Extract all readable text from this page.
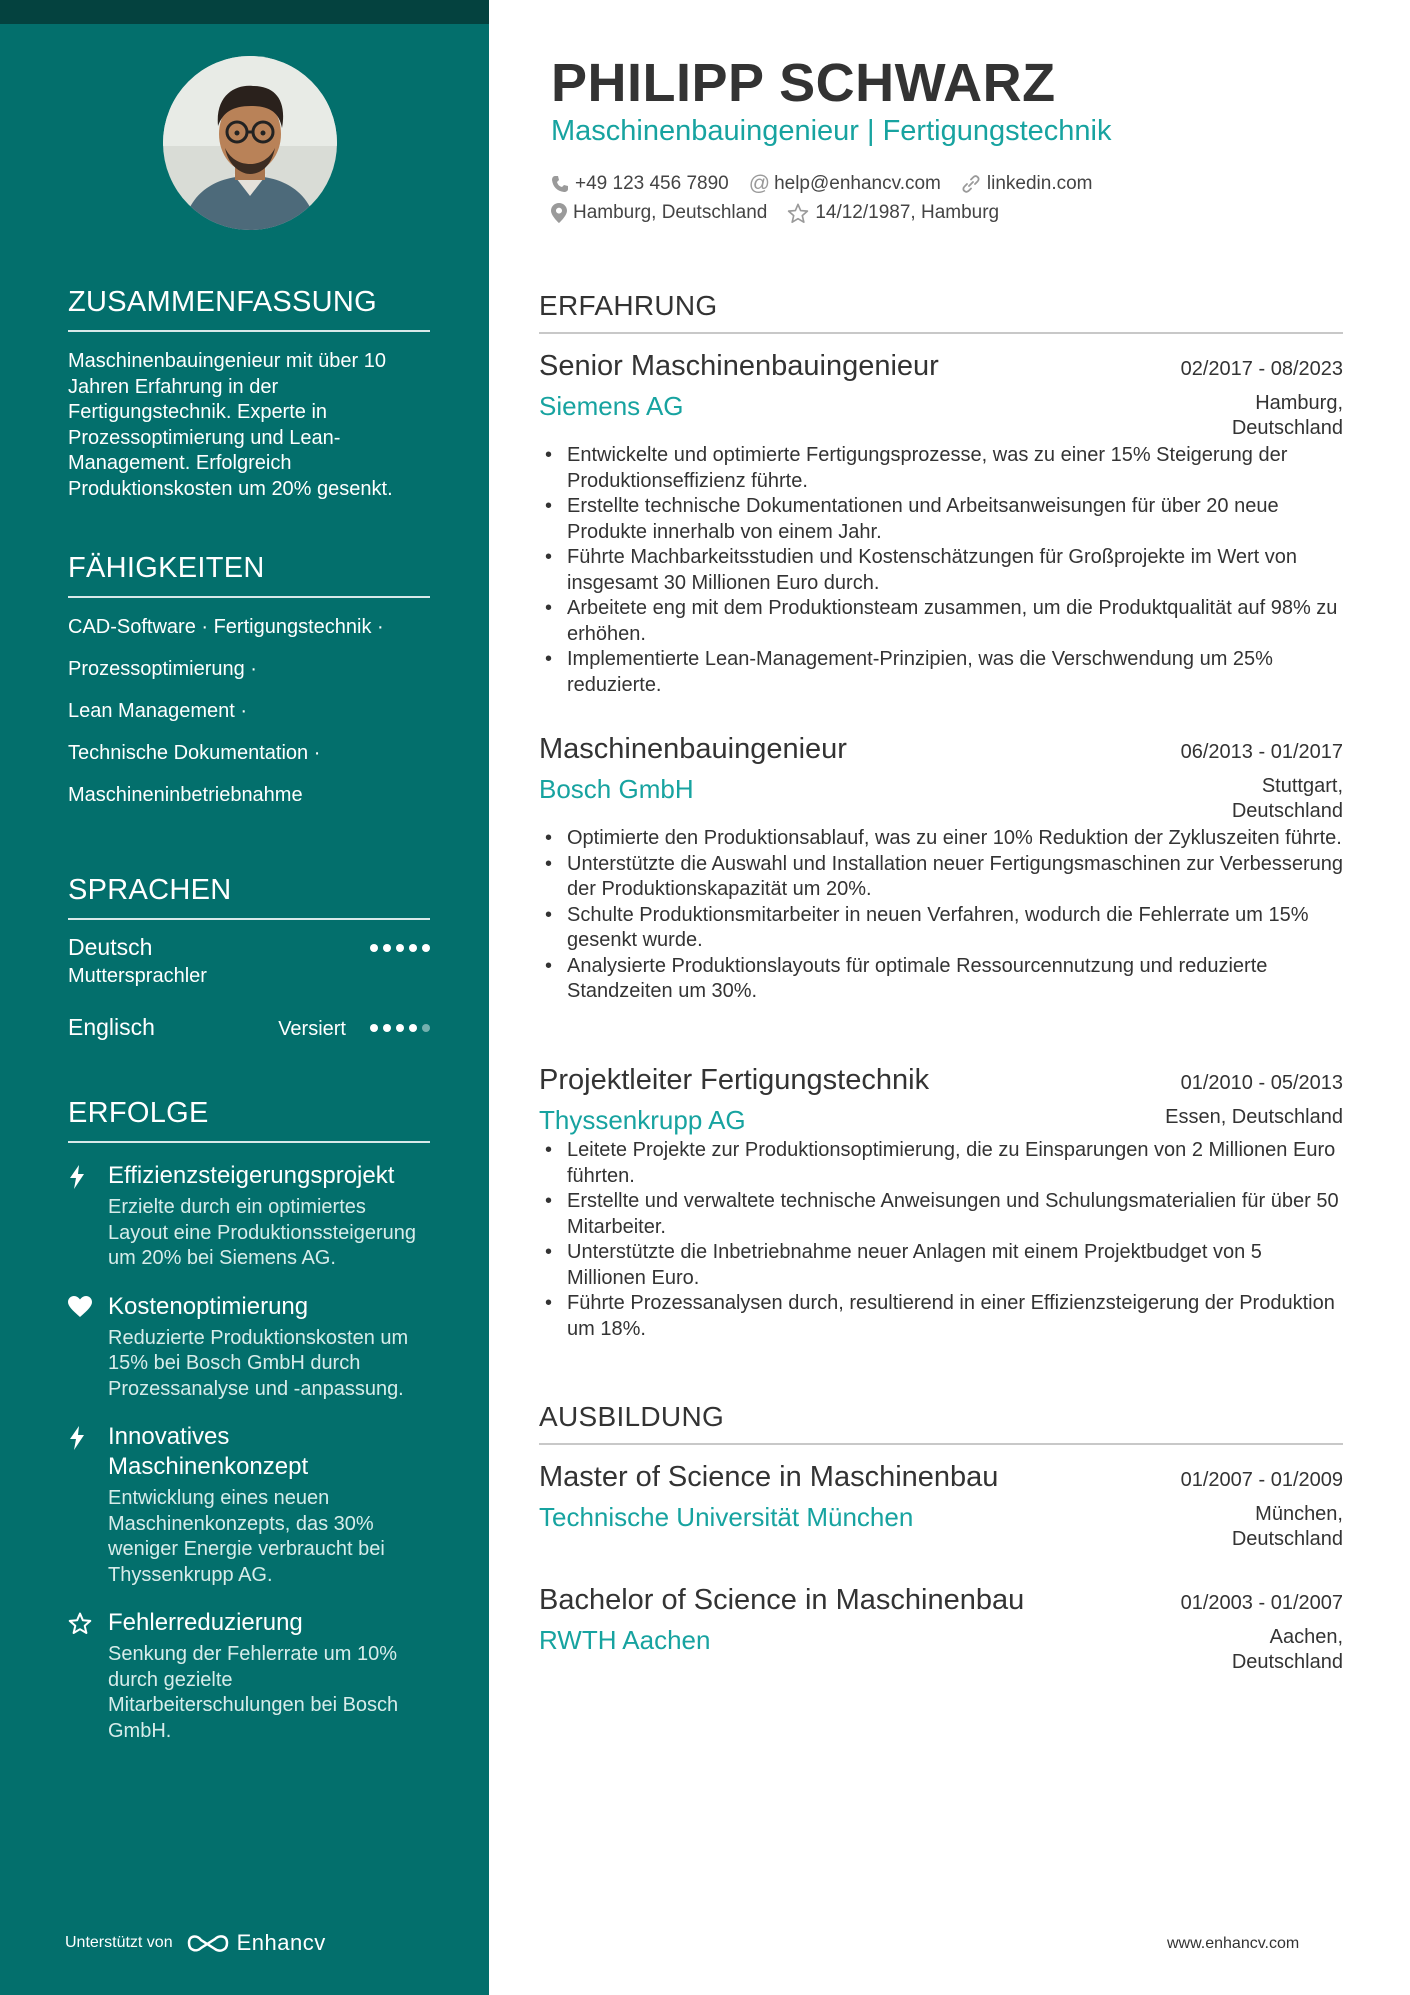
ZUSAMMENFASSUNG
Maschinenbauingenieur mit über 10 Jahren Erfahrung in der Fertigungstechnik. Experte in Prozessoptimierung und Lean-Management. Erfolgreich Produktionskosten um 20% gesenkt.
FÄHIGKEITEN
CAD-Software · Fertigungstechnik ·
Prozessoptimierung ·
Lean Management ·
Technische Dokumentation ·
Maschineninbetriebnahme
SPRACHEN
Deutsch
Muttersprachler
Englisch	Versiert
ERFOLGE
Effizienzsteigerungsprojekt
Erzielte durch ein optimiertes Layout eine Produktionssteigerung um 20% bei Siemens AG.
Kostenoptimierung
Reduzierte Produktionskosten um 15% bei Bosch GmbH durch Prozessanalyse und -anpassung.
Innovatives Maschinenkonzept
Entwicklung eines neuen Maschinenkonzepts, das 30% weniger Energie verbraucht bei Thyssenkrupp AG.
Fehlerreduzierung
Senkung der Fehlerrate um 10% durch gezielte Mitarbeiterschulungen bei Bosch GmbH.
Unterstützt von	Enhancv
PHILIPP SCHWARZ
Maschinenbauingenieur | Fertigungstechnik
+49 123 456 7890 @ help@enhancv.com linkedin.com
Hamburg, Deutschland	14/12/1987, Hamburg
ERFAHRUNG
Senior Maschinenbauingenieur	02/2017 - 08/2023
Siemens AG	Hamburg, Deutschland
• Entwickelte und optimierte Fertigungsprozesse, was zu einer 15% Steigerung der Produktionseffizienz führte.
• Erstellte technische Dokumentationen und Arbeitsanweisungen für über 20 neue Produkte innerhalb von einem Jahr.
• Führte Machbarkeitsstudien und Kostenschätzungen für Großprojekte im Wert von insgesamt 30 Millionen Euro durch.
• Arbeitete eng mit dem Produktionsteam zusammen, um die Produktqualität auf 98% zu erhöhen.
• Implementierte Lean-Management-Prinzipien, was die Verschwendung um 25% reduzierte.
Maschinenbauingenieur	06/2013 - 01/2017
Bosch GmbH	Stuttgart, Deutschland
• Optimierte den Produktionsablauf, was zu einer 10% Reduktion der Zykluszeiten führte.
• Unterstützte die Auswahl und Installation neuer Fertigungsmaschinen zur Verbesserung der Produktionskapazität um 20%.
• Schulte Produktionsmitarbeiter in neuen Verfahren, wodurch die Fehlerrate um 15% gesenkt wurde.
• Analysierte Produktionslayouts für optimale Ressourcennutzung und reduzierte Standzeiten um 30%.
Projektleiter Fertigungstechnik	01/2010 - 05/2013
Thyssenkrupp AG	Essen, Deutschland
• Leitete Projekte zur Produktionsoptimierung, die zu Einsparungen von 2 Millionen Euro führten.
• Erstellte und verwaltete technische Anweisungen und Schulungsmaterialien für über 50 Mitarbeiter.
• Unterstützte die Inbetriebnahme neuer Anlagen mit einem Projektbudget von 5 Millionen Euro.
• Führte Prozessanalysen durch, resultierend in einer Effizienzsteigerung der Produktion um 18%.
AUSBILDUNG
Master of Science in Maschinenbau	01/2007 - 01/2009
Technische Universität München	München, Deutschland
Bachelor of Science in Maschinenbau	01/2003 - 01/2007
RWTH Aachen	Aachen, Deutschland
www.enhancv.com
